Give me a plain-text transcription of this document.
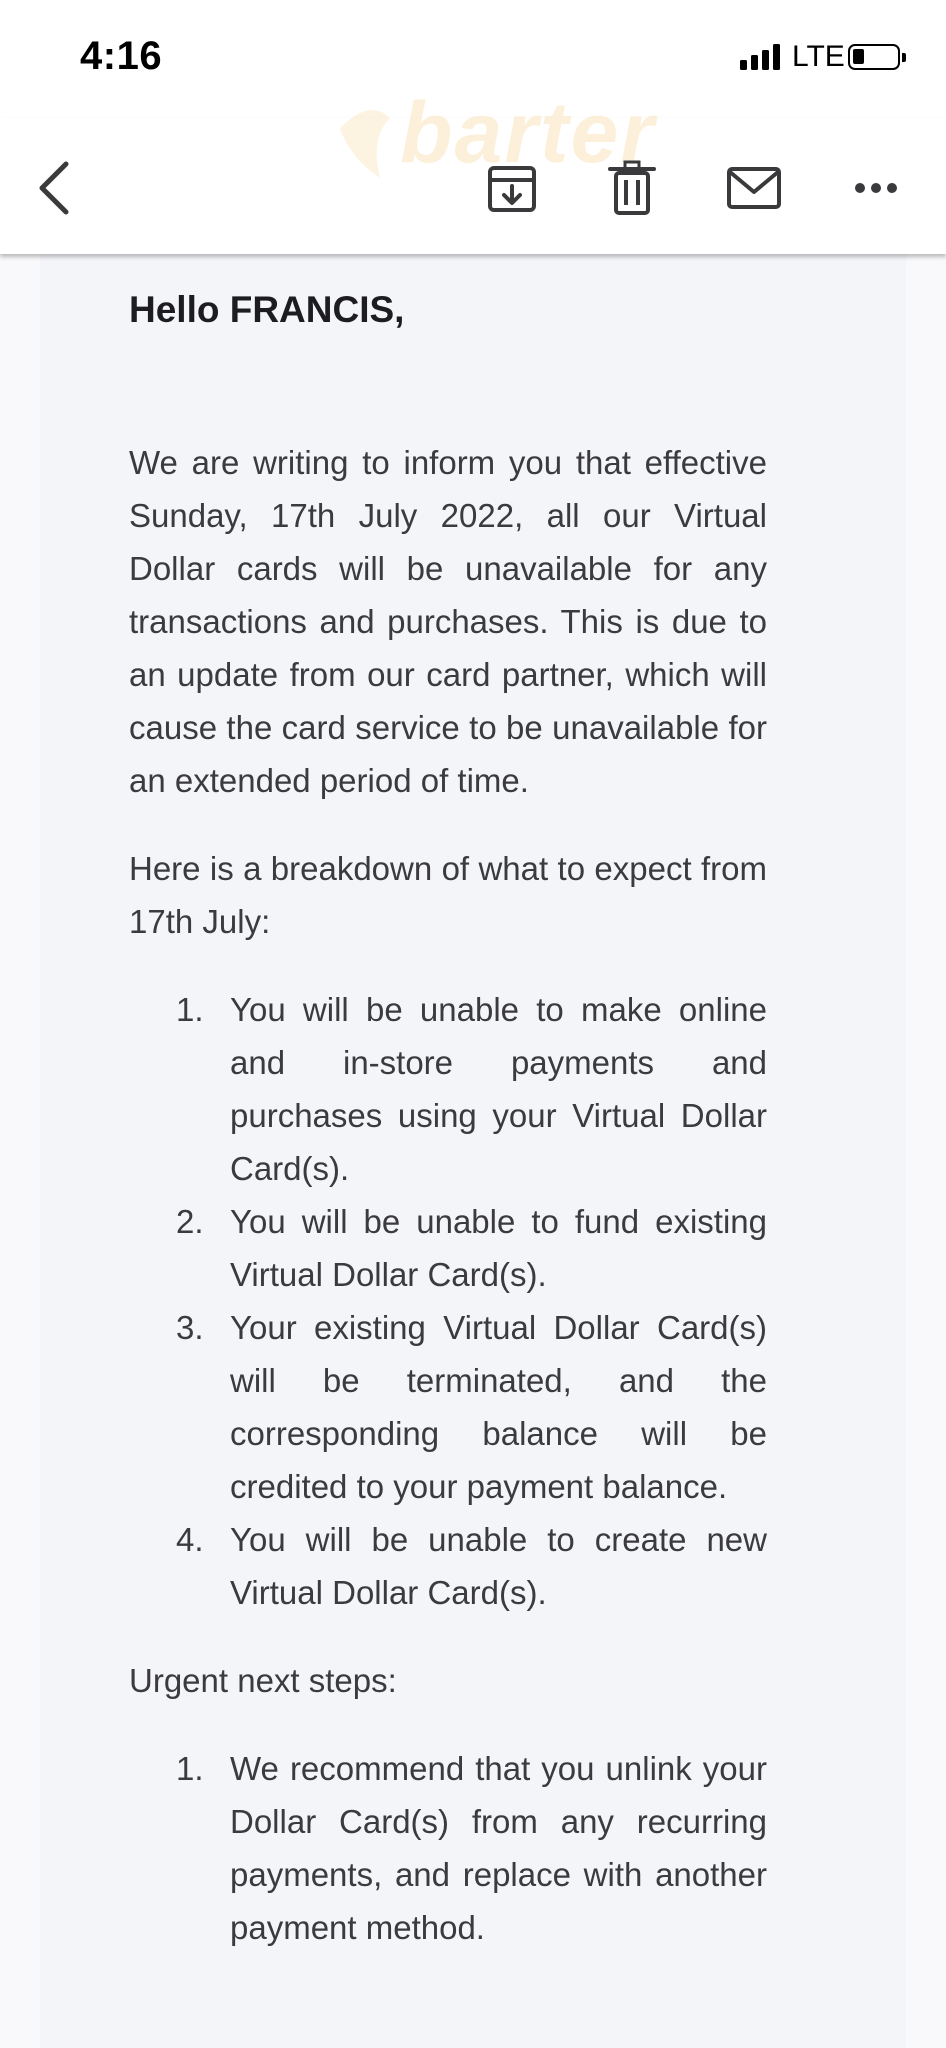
4:16	LTE
barter
Hello FRANCIS,

We are writing to inform you that effective Sunday, 17th July 2022, all our Virtual Dollar cards will be unavailable for any transactions and purchases. This is due to an update from our card partner, which will cause the card service to be unavailable for an extended period of time.

Here is a breakdown of what to expect from 17th July:

1. You will be unable to make online and in-store payments and purchases using your Virtual Dollar Card(s).
2. You will be unable to fund existing Virtual Dollar Card(s).
3. Your existing Virtual Dollar Card(s) will be terminated, and the corresponding balance will be credited to your payment balance.
4. You will be unable to create new Virtual Dollar Card(s).

Urgent next steps:

1. We recommend that you unlink your Dollar Card(s) from any recurring payments, and replace with another payment method.
